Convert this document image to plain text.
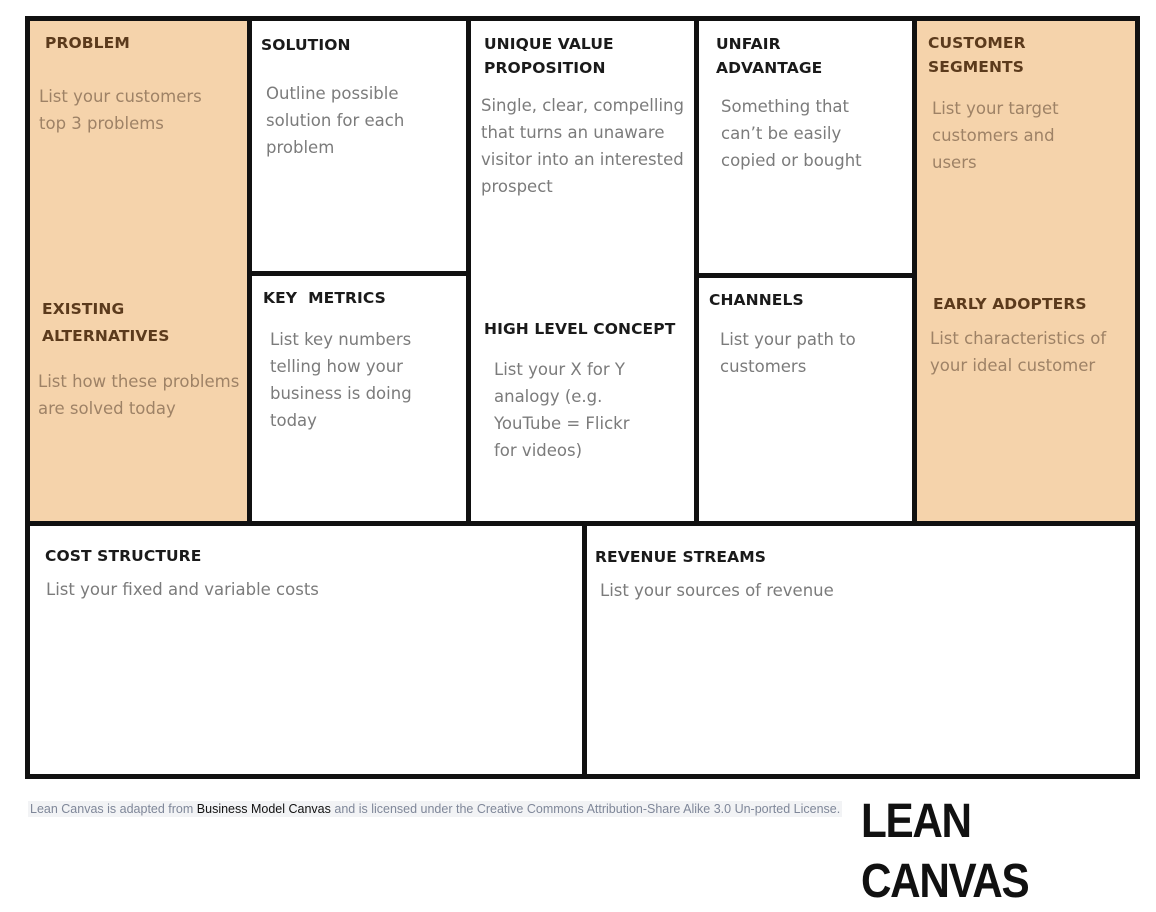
PROBLEM
List your customers top 3 problems
EXISTING ALTERNATIVES
List how these problems are solved today
SOLUTION
Outline possible solution for each problem
KEY  METRICS
List key numbers telling how your business is doing today
UNIQUE VALUE PROPOSITION
Single, clear, compelling that turns an unaware visitor into an interested prospect
HIGH LEVEL CONCEPT
List your X for Y analogy (e.g. YouTube = Flickr for videos)
UNFAIR ADVANTAGE
Something that can’t be easily copied or bought
CHANNELS
List your path to customers
CUSTOMER SEGMENTS
List your target customers and users
EARLY ADOPTERS
List characteristics of your ideal customer
COST STRUCTURE
List your fixed and variable costs
REVENUE STREAMS
List your sources of revenue
Lean Canvas is adapted from Business Model Canvas and is licensed under the Creative Commons Attribution-Share Alike 3.0 Un-ported License. LEAN CANVAS
